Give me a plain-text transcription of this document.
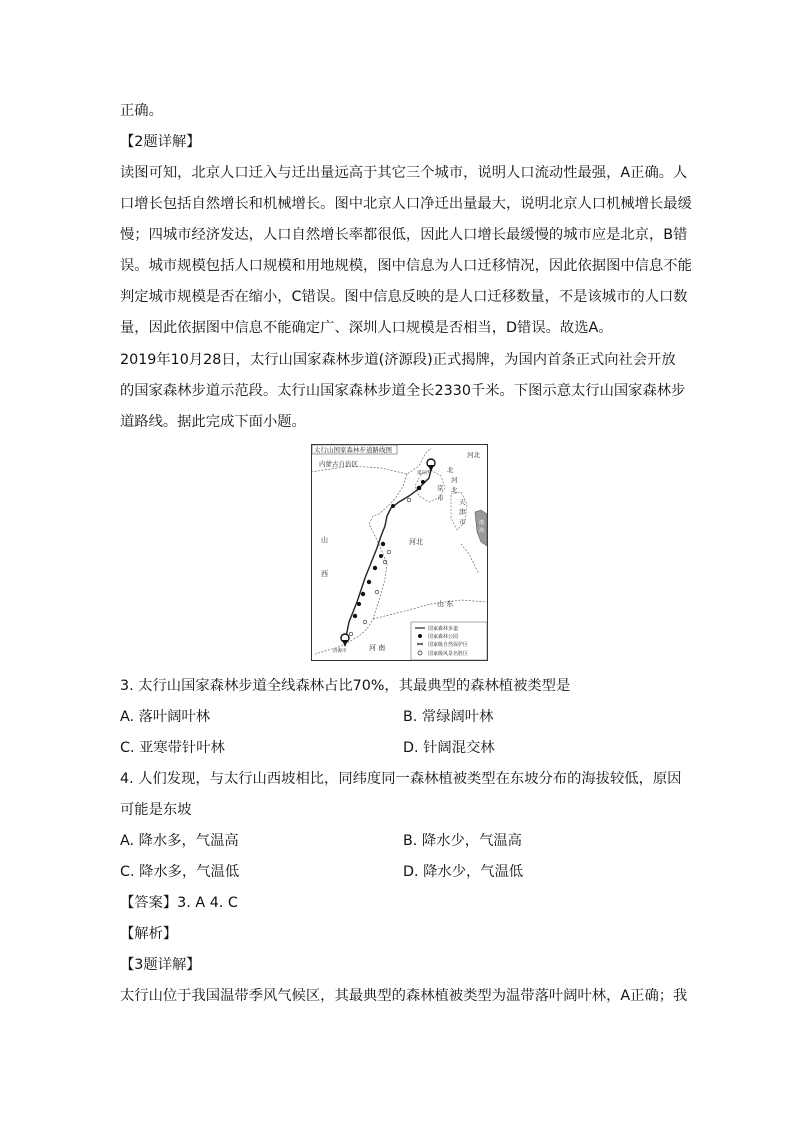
正确。
【2题详解】
读图可知，北京人口迁入与迁出量远高于其它三个城市，说明人口流动性最强，A正确。人
口增长包括自然增长和机械增长。图中北京人口净迁出量最大，说明北京人口机械增长最缓
慢；四城市经济发达，人口自然增长率都很低，因此人口增长最缓慢的城市应是北京，B错
误。城市规模包括人口规模和用地规模，图中信息为人口迁移情况，因此依据图中信息不能
判定城市规模是否在缩小，C错误。图中信息反映的是人口迁移数量，不是该城市的人口数
量，因此依据图中信息不能确定广、深圳人口规模是否相当，D错误。故选A。
2019年10月28日，太行山国家森林步道(济源段)正式揭牌，为国内首条正式向社会开放
的国家森林步道示范段。太行山国家森林步道全长2330千米。下图示意太行山国家森林步
道路线。据此完成下面小题。
太行山国家森林步道路线图
内蒙古自治区
山
西
河北
河北
北
京
市 天
津
市
河
北
渤
海
山 东
河 南
延庆区
济源市
国家森林步道
国家森林公园
国家级自然保护区
国家级风景名胜区
3. 太行山国家森林步道全线森林占比70%，其最典型的森林植被类型是
A. 落叶阔叶林	B. 常绿阔叶林
C. 亚寒带针叶林	D. 针阔混交林
4. 人们发现，与太行山西坡相比，同纬度同一森林植被类型在东坡分布的海拔较低，原因
可能是东坡
A. 降水多，气温高	B. 降水少，气温高
C. 降水多，气温低	D. 降水少，气温低
【答案】3. A 4. C
【解析】
【3题详解】
太行山位于我国温带季风气候区，其最典型的森林植被类型为温带落叶阔叶林，A正确；我
